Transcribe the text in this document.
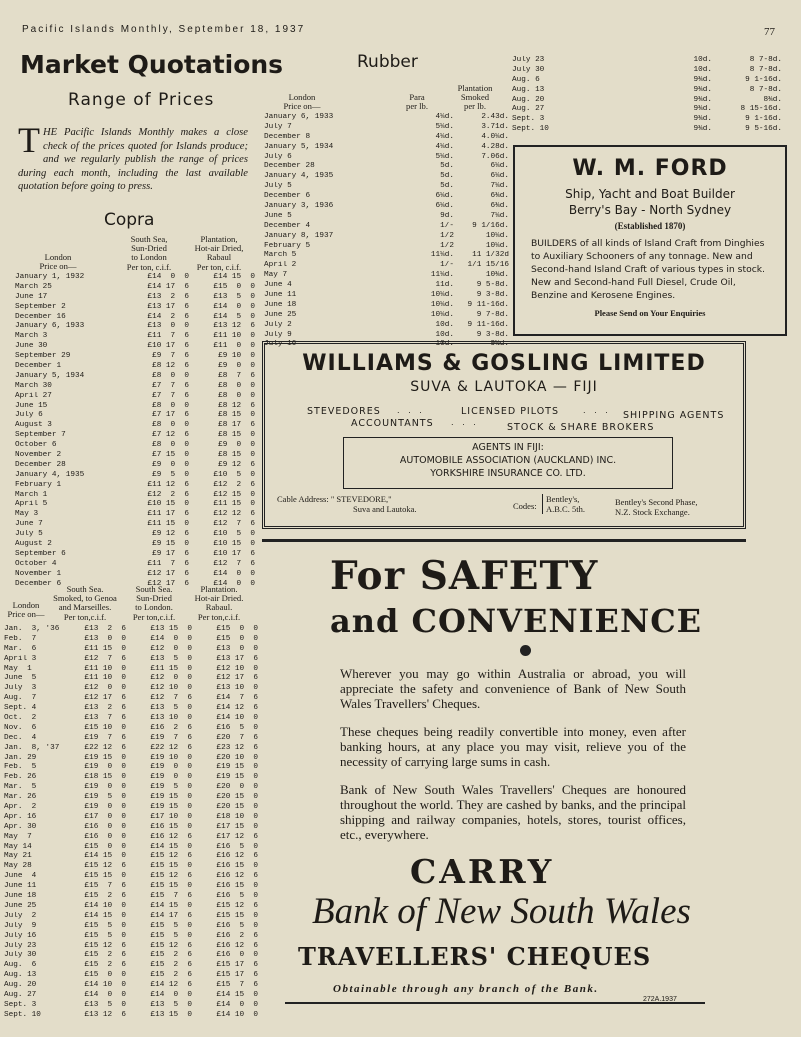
Pacific Islands Monthly, September 18, 1937	77
Market Quotations
Range of Prices
THE Pacific Islands Monthly makes a close check of the prices quoted for Islands produce; and we regularly publish the range of prices during each month, including the last available quotation before going to press.
Copra
London
Price on—
South Sea,
Sun-Dried
to London
Per ton, c.i.f.
Plantation,
Hot-air Dried,
Rabaul
Per ton, c.i.f.
January 1, 1932	£14  0  0	£14 15  0
March 25	£14 17  6	£15  0  0
June 17	£13  2  6	£13  5  0
September 2	£13 17  6	£14  0  0
December 16	£14  2  6	£14  5  0
January 6, 1933	£13  0  0	£13 12  6
March 3	£11  7  6	£11 10  0
June 30	£10 17  6	£11  0  0
September 29	£9  7  6	£9 10  0
December 1	£8 12  6	£9  0  0
January 5, 1934	£8  0  0	£8  7  6
March 30	£7  7  6	£8  0  0
April 27	£7  7  6	£8  0  0
June 15	£8  0  0	£8 12  6
July 6	£7 17  6	£8 15  0
August 3	£8  0  0	£8 17  6
September 7	£7 12  6	£8 15  0
October 6	£8  0  0	£9  0  0
November 2	£7 15  0	£8 15  0
December 28	£9  0  0	£9 12  6
January 4, 1935	£9  5  0	£10  5  0
February 1	£11 12  6	£12  2  6
March 1	£12  2  6	£12 15  0
April 5	£10 15  0	£11 15  0
May 3	£11 17  6	£12 12  6
June 7	£11 15  0	£12  7  6
July 5	£9 12  6	£10  5  0
August 2	£9 15  0	£10 15  0
September 6	£9 17  6	£10 17  6
October 4	£11  7  6	£12  7  6
November 1	£12 17  6	£14  0  0
December 6	£12 17  6	£14  0  0
London
Price on—
South Sea.
Smoked, to Genoa
and Marseilles.
Per ton,c.i.f.
South Sea.
Sun-Dried
to London.
Per ton,c.i.f.
Plantation.
Hot-air Dried.
Rabaul.
Per ton,c.i.f.
Jan.  3, '36	£13  2  6	£13 15  0	£15  0  0
Feb.  7	£13  0  0	£14  0  0	£15  0  0
Mar.  6	£11 15  0	£12  0  0	£13  0  0
April 3	£12  7  6	£13  5  0	£13 17  6
May  1	£11 10  0	£11 15  0	£12 10  0
June  5	£11 10  0	£12  0  0	£12 17  6
July  3	£12  0  0	£12 10  0	£13 10  0
Aug.  7	£12 17  6	£12  7  6	£14  7  6
Sept. 4	£13  2  6	£13  5  0	£14 12  6
Oct.  2	£13  7  6	£13 10  0	£14 10  0
Nov.  6	£15 10  0	£16  2  6	£16  5  0
Dec.  4	£19  7  6	£19  7  6	£20  7  6
Jan.  8, '37	£22 12  6	£22 12  6	£23 12  6
Jan. 29	£19 15  0	£19 10  0	£20 10  0
Feb.  5	£19  0  0	£19  0  0	£19 15  0
Feb. 26	£18 15  0	£19  0  0	£19 15  0
Mar.  5	£19  0  0	£19  5  0	£20  0  0
Mar. 26	£19  5  0	£19 15  0	£20 15  0
Apr.  2	£19  0  0	£19 15  0	£20 15  0
Apr. 16	£17  0  0	£17 10  0	£18 10  0
Apr. 30	£16  0  0	£16 15  0	£17 15  0
May  7	£16  0  0	£16 12  6	£17 12  6
May 14	£15  0  0	£14 15  0	£16  5  0
May 21	£14 15  0	£15 12  6	£16 12  6
May 28	£15 12  6	£15 15  0	£16 15  0
June  4	£15 15  0	£15 12  6	£16 12  6
June 11	£15  7  6	£15 15  0	£16 15  0
June 18	£15  2  6	£15  7  6	£16  5  0
June 25	£14 10  0	£14 15  0	£15 12  6
July  2	£14 15  0	£14 17  6	£15 15  0
July  9	£15  5  0	£15  5  0	£16  5  0
July 16	£15  5  0	£15  5  0	£16  2  6
July 23	£15 12  6	£15 12  6	£16 12  6
July 30	£15  2  6	£15  2  6	£16  0  0
Aug.  6	£15  2  6	£15  2  6	£15 17  6
Aug. 13	£15  0  0	£15  2  6	£15 17  6
Aug. 20	£14 10  0	£14 12  6	£15  7  6
Aug. 27	£14  0  0	£14  0  0	£14 15  0
Sept. 3	£13  5  0	£13  5  0	£14  0  0
Sept. 10	£13 12  6	£13 15  0	£14 10  0
Rubber
London
Price on—
Para
per lb.
Plantation
Smoked
per lb.
January 6, 1933	4¼d.	2.43d.
July 7	5¼d.	3.71d.
December 8	4¼d.	4.0¼d.
January 5, 1934	4¼d.	4.28d.
July 6	5¼d.	7.06d.
December 28	5d.	6¼d.
January 4, 1935	5d.	6¼d.
July 5	5d.	7¼d.
December 6	6¼d.	6¾d.
January 3, 1936	6¼d.	6¾d.
June 5	9d.	7¼d.
December 4	1/-	9 1/16d.
January 8, 1937	1/2	10¼d.
February 5	1/2	10¼d.
March 5	11¼d.	11 1/32d
April 2	1/-	1/1 15/16
May 7	11¼d.	10¾d.
June 4	11d.	9 5-8d.
June 11	10¼d.	9 3-8d.
June 18	10¼d.	9 11-16d.
June 25	10¼d.	9 7-8d.
July 2	10d.	9 11-16d.
July 9	10d.	9 3-8d.
July 16	10d.	9½d.
July 23	10d.	8 7-8d.
July 30	10d.	8 7-8d.
Aug. 6	9¾d.	9 1-16d.
Aug. 13	9¾d.	8 7-8d.
Aug. 20	9¾d.	8¾d.
Aug. 27	9¾d.	8 15-16d.
Sept. 3	9¾d.	9 1-16d.
Sept. 10	9¾d.	9 5-16d.
W. M. FORD
Ship, Yacht and Boat Builder
Berry's Bay - North Sydney
(Established 1870)
BUILDERS of all kinds of Island Craft from Dinghies to Auxiliary Schooners of any tonnage. New and Second-hand Island Craft of various types in stock. New and Second-hand Full Diesel, Crude Oil, Benzine and Kerosene Engines.
Please Send on Your Enquiries
WILLIAMS & GOSLING LIMITED
SUVA & LAUTOKA — FIJI
STEVEDORES . . .	LICENSED PILOTS	. . . SHIPPING AGENTS
ACCOUNTANTS . . .	STOCK & SHARE BROKERS
AGENTS IN FIJI:
AUTOMOBILE ASSOCIATION (AUCKLAND) INC.
YORKSHIRE INSURANCE CO. LTD.
Cable Address: " STEVEDORE,"
Suva and Lautoka.	Codes:
Bentley's,
A.B.C. 5th.
Bentley's Second Phase,
N.Z. Stock Exchange.
For SAFETY
and CONVENIENCE
Wherever you may go within Australia or abroad, you will appreciate the safety and convenience of Bank of New South Wales Travellers' Cheques.
These cheques being readily convertible into money, even after banking hours, at any place you may visit, relieve you of the necessity of carrying large sums in cash.
Bank of New South Wales Travellers' Cheques are honoured throughout the world. They are cashed by banks, and the principal shipping and railway companies, hotels, stores, tourist offices, etc., everywhere.
CARRY
Bank of New South Wales
TRAVELLERS' CHEQUES
Obtainable through any branch of the Bank.
272A.1937
